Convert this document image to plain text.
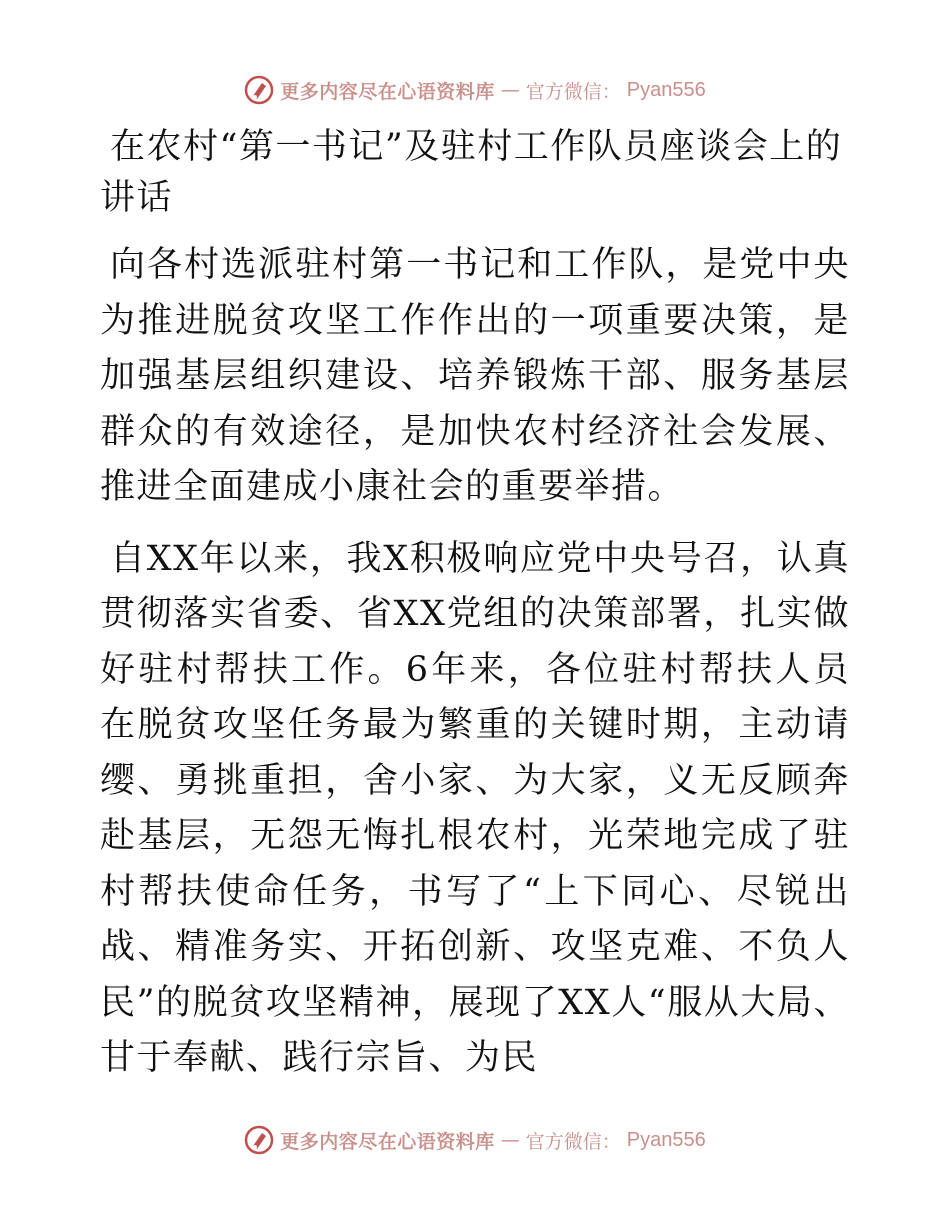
更多内容尽在心语资料库 — 官方微信： Pyan556
在农村“第一书记”及驻村工作队员座谈会上的讲话

向各村选派驻村第一书记和工作队，是党中央为推进脱贫攻坚工作作出的一项重要决策，是加强基层组织建设、培养锻炼干部、服务基层群众的有效途径，是加快农村经济社会发展、推进全面建成小康社会的重要举措。

自XX年以来，我X积极响应党中央号召，认真贯彻落实省委、省XX党组的决策部署，扎实做好驻村帮扶工作。6年来，各位驻村帮扶人员在脱贫攻坚任务最为繁重的关键时期，主动请缨、勇挑重担，舍小家、为大家，义无反顾奔赴基层，无怨无悔扎根农村，光荣地完成了驻村帮扶使命任务，书写了“上下同心、尽锐出战、精准务实、开拓创新、攻坚克难、不负人民”的脱贫攻坚精神，展现了XX人“服从大局、甘于奉献、践行宗旨、为民

更多内容尽在心语资料库 — 官方微信： Pyan556
